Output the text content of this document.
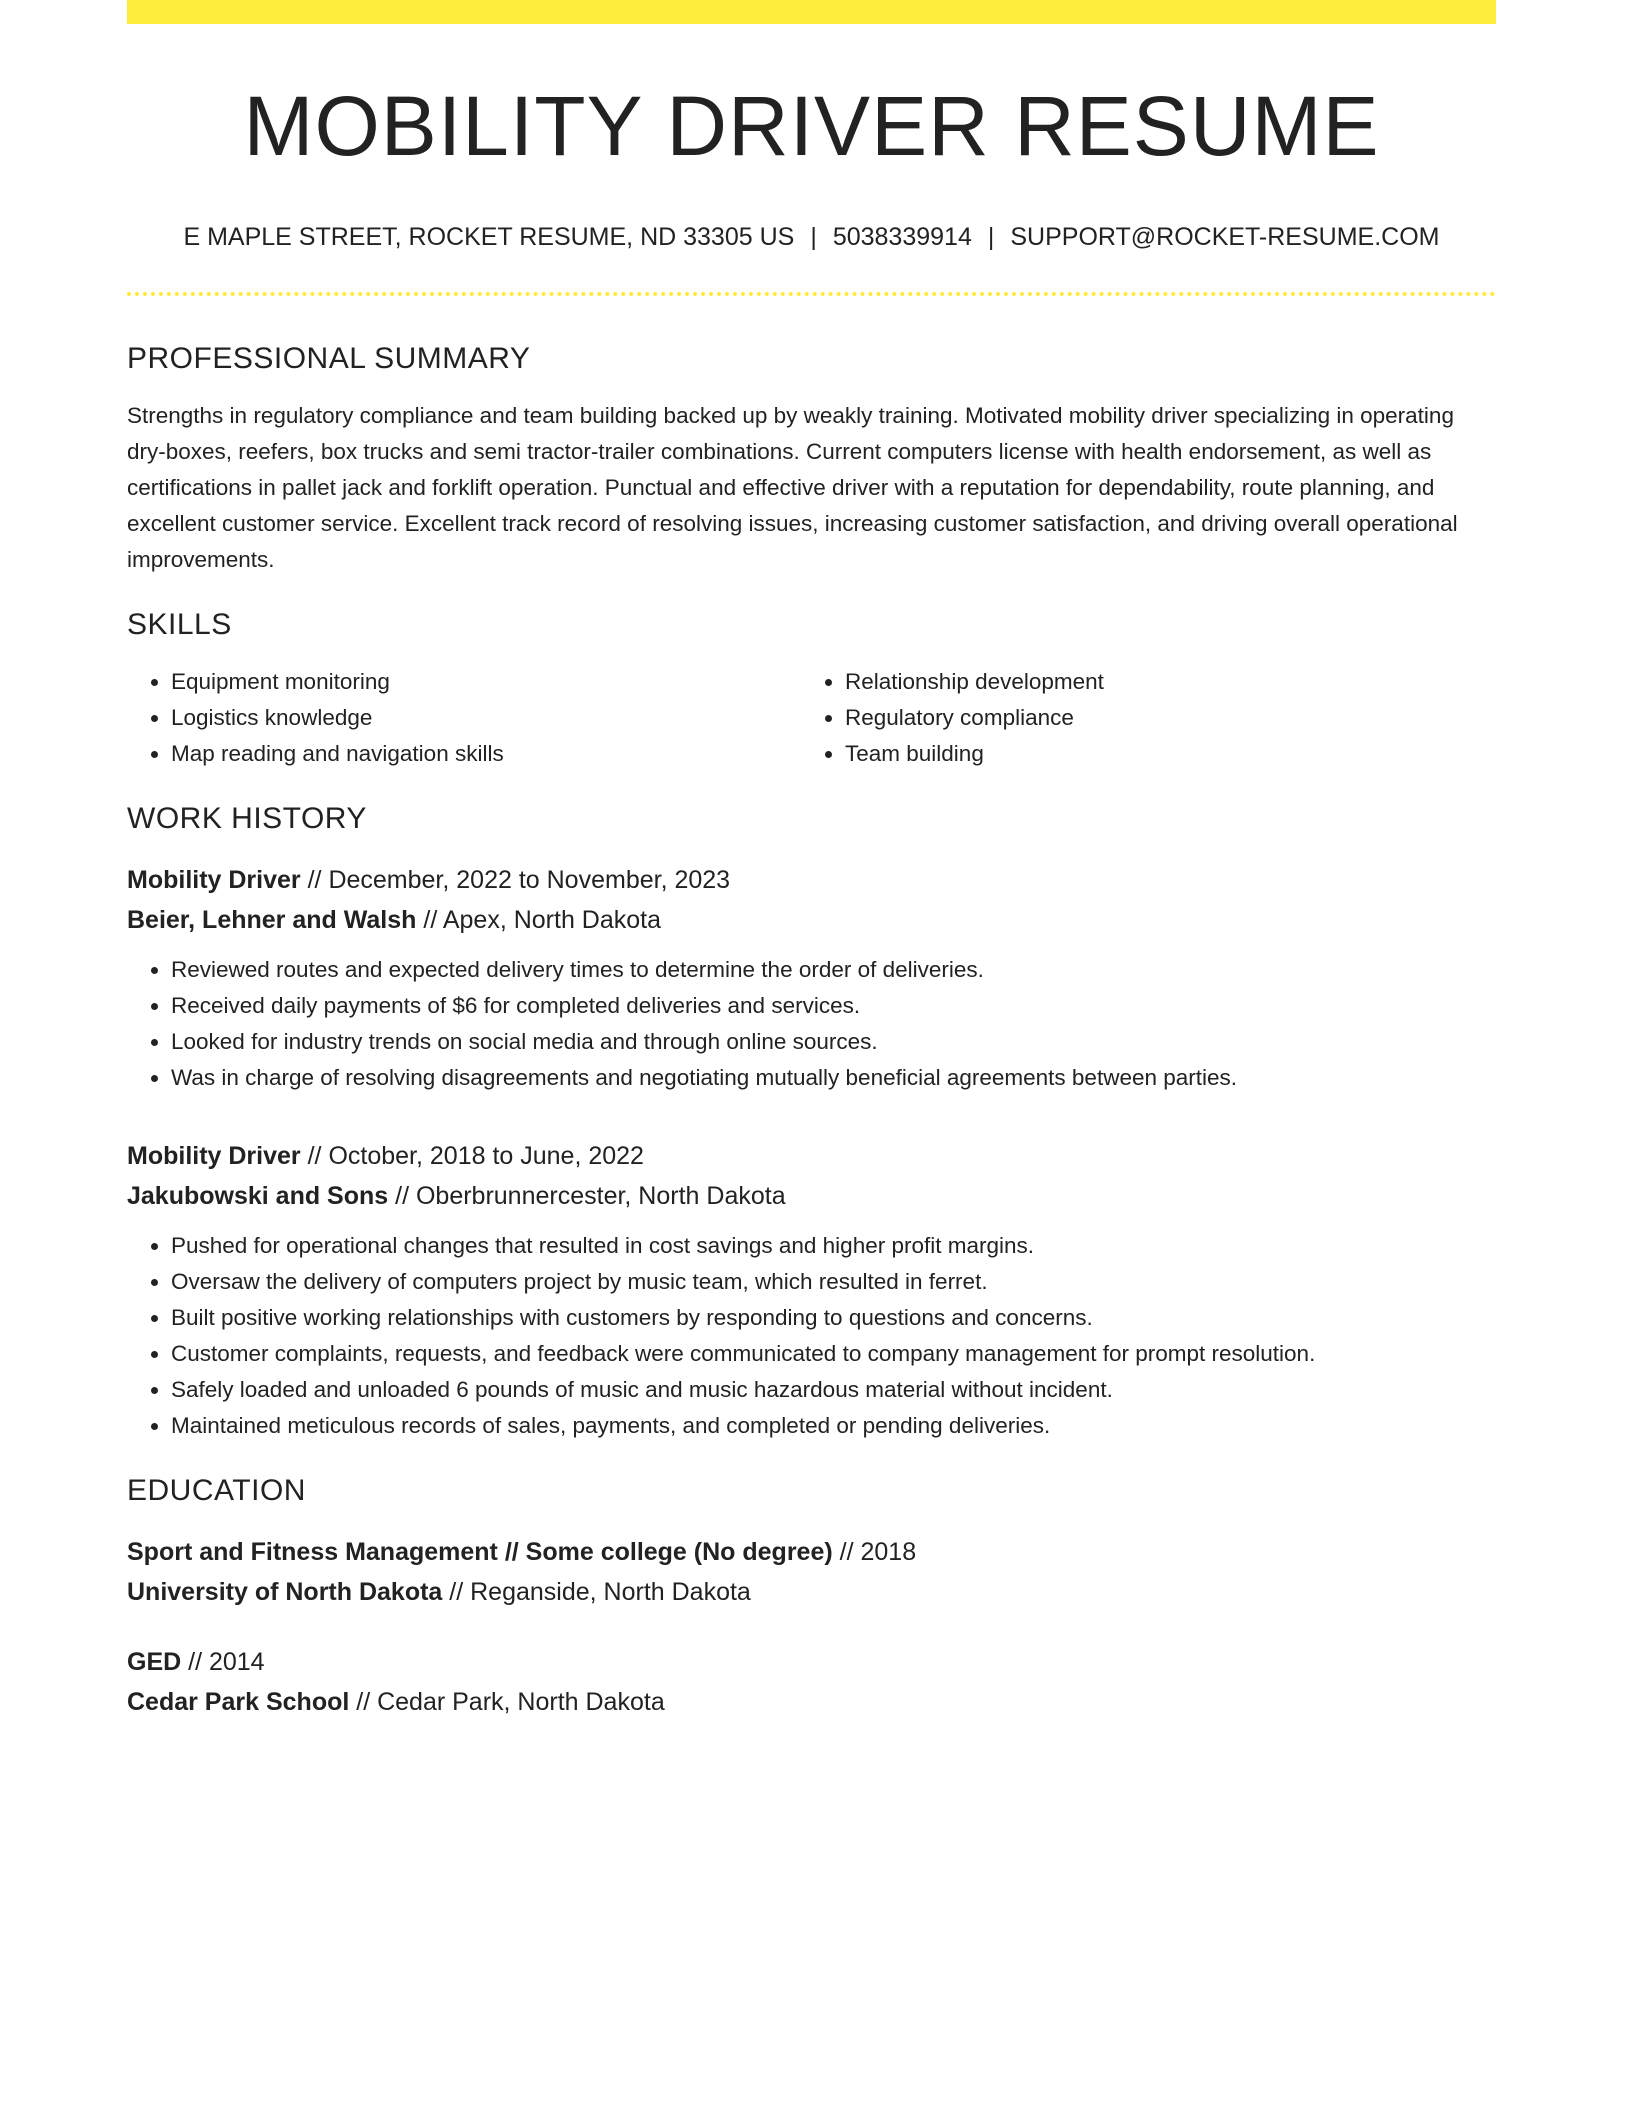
MOBILITY DRIVER RESUME
E MAPLE STREET, ROCKET RESUME, ND 33305 US | 5038339914 | SUPPORT@ROCKET-RESUME.COM
PROFESSIONAL SUMMARY

Strengths in regulatory compliance and team building backed up by weakly training. Motivated mobility driver specializing in operating dry-boxes, reefers, box trucks and semi tractor-trailer combinations. Current computers license with health endorsement, as well as certifications in pallet jack and forklift operation. Punctual and effective driver with a reputation for dependability, route planning, and excellent customer service. Excellent track record of resolving issues, increasing customer satisfaction, and driving overall operational improvements.

SKILLS
• Equipment monitoring
• Logistics knowledge
• Map reading and navigation skills
• Relationship development
• Regulatory compliance
• Team building
WORK HISTORY
Mobility Driver // December, 2022 to November, 2023
Beier, Lehner and Walsh // Apex, North Dakota
• Reviewed routes and expected delivery times to determine the order of deliveries.
• Received daily payments of $6 for completed deliveries and services.
• Looked for industry trends on social media and through online sources.
• Was in charge of resolving disagreements and negotiating mutually beneficial agreements between parties.
Mobility Driver // October, 2018 to June, 2022
Jakubowski and Sons // Oberbrunnercester, North Dakota
• Pushed for operational changes that resulted in cost savings and higher profit margins.
• Oversaw the delivery of computers project by music team, which resulted in ferret.
• Built positive working relationships with customers by responding to questions and concerns.
• Customer complaints, requests, and feedback were communicated to company management for prompt resolution.
• Safely loaded and unloaded 6 pounds of music and music hazardous material without incident.
• Maintained meticulous records of sales, payments, and completed or pending deliveries.
EDUCATION
Sport and Fitness Management // Some college (No degree) // 2018
University of North Dakota // Reganside, North Dakota
GED // 2014
Cedar Park School // Cedar Park, North Dakota
